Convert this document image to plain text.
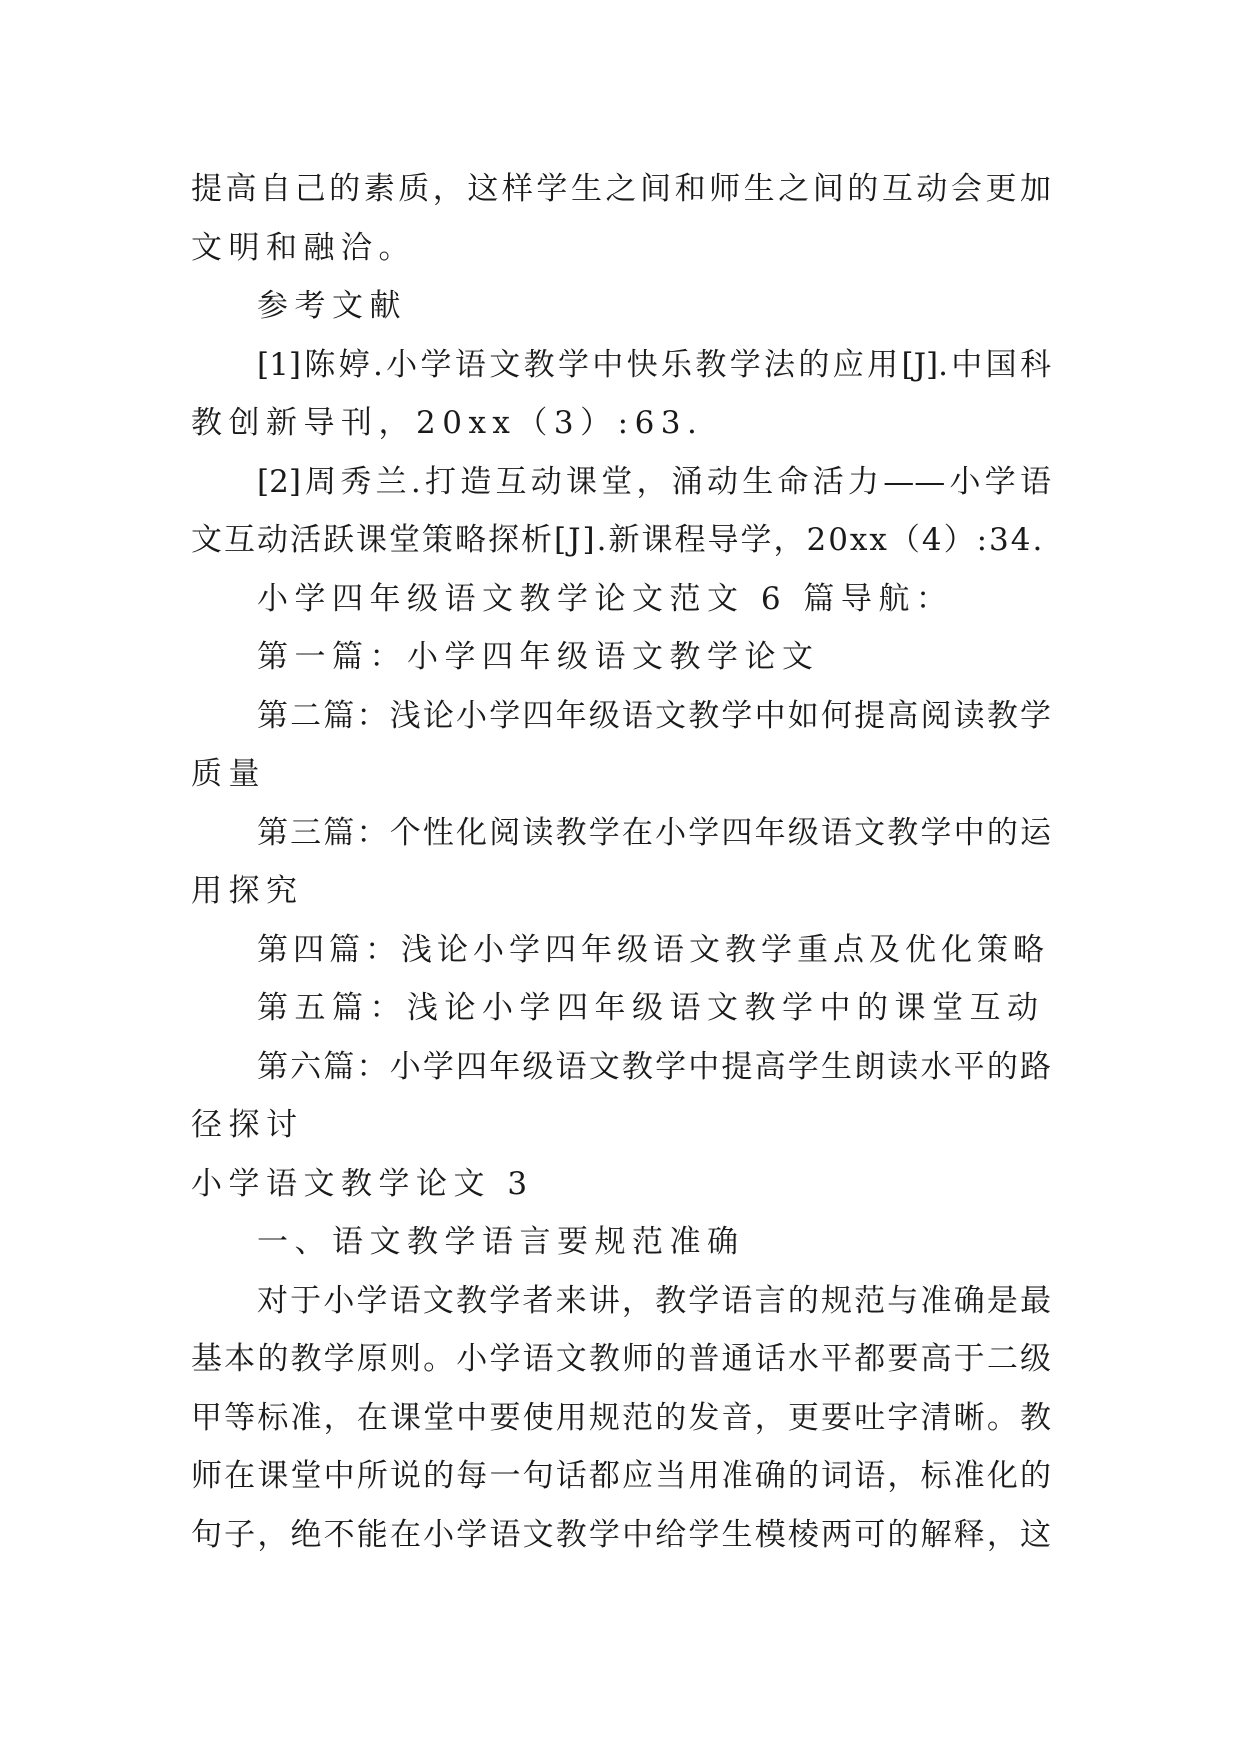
提高自己的素质，这样学生之间和师生之间的互动会更加
文明和融洽。
参考文献
[1]陈婷.小学语文教学中快乐教学法的应用[J].中国科
教创新导刊，20xx（3）:63.
[2]周秀兰.打造互动课堂，涌动生命活力——小学语
文互动活跃课堂策略探析[J].新课程导学，20xx（4）:34.
小学四年级语文教学论文范文 6 篇导航：
第一篇：小学四年级语文教学论文
第二篇：浅论小学四年级语文教学中如何提高阅读教学
质量
第三篇：个性化阅读教学在小学四年级语文教学中的运
用探究
第四篇：浅论小学四年级语文教学重点及优化策略
第五篇：浅论小学四年级语文教学中的课堂互动
第六篇：小学四年级语文教学中提高学生朗读水平的路
径探讨
小学语文教学论文 3
一、语文教学语言要规范准确
对于小学语文教学者来讲，教学语言的规范与准确是最
基本的教学原则。小学语文教师的普通话水平都要高于二级
甲等标准，在课堂中要使用规范的发音，更要吐字清晰。教
师在课堂中所说的每一句话都应当用准确的词语，标准化的
句子，绝不能在小学语文教学中给学生模棱两可的解释，这
